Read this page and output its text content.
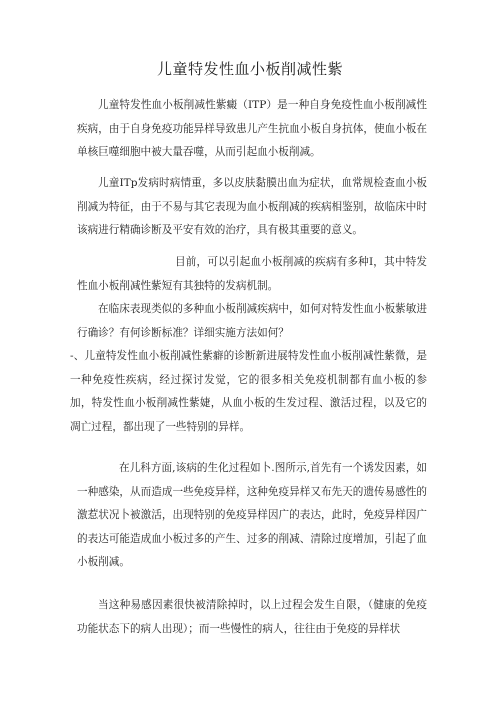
儿童特发性血小板削减性紫
儿童特发性血小板削减性紫癜（ITP）是一种自身免疫性血小板削减性疾病，由于自身免疫功能异样导致患儿产生抗血小板自身抗体，使血小板在单核巨噬细胞中被大量吞噬，从而引起血小板削减。
儿童ITp发病时病情重，多以皮肤黏膜出血为症状，血常规检查血小板削减为特征，由于不易与其它表现为血小板削减的疾病相鉴别，故临床中时该病进行精确诊断及平安有效的治疗，具有极其重要的意义。
目前，可以引起血小板削减的疾病有多种I，其中特发性血小板削减性紫短有其独特的发病机制。
在临床表现类似的多种血小板削减疾病中，如何对特发性血小板紫敏进行确诊？有何诊断标准？详细实施方法如何？
-、儿童特发性血小板削减性紫癖的诊断新进展特发性血小板削减性紫微，是一种免疫性疾病，经过探讨发觉，它的很多相关免疫机制都有血小板的参加，特发性血小板削减性紫婕，从血小板的生发过程、激活过程，以及它的凋亡过程，都出现了一些特别的异样。
在儿科方面,该病的生化过程如卜.图所示,首先有一个诱发因素，如一种感染，从而造成一些免疫异样，这种免疫异样又布先天的遗传易感性的激惹状况卜被激活，出现特别的免疫异样因广的表达，此时，免疫异样因广的表达可能造成血小板过多的产生、过多的削减、清除过度增加，引起了血小板削减。
当这种易感因素很快被清除掉时，以上过程会发生自限，（健康的免疫功能状态下的病人出现）；而一些慢性的病人，往往由于免疫的异样状
